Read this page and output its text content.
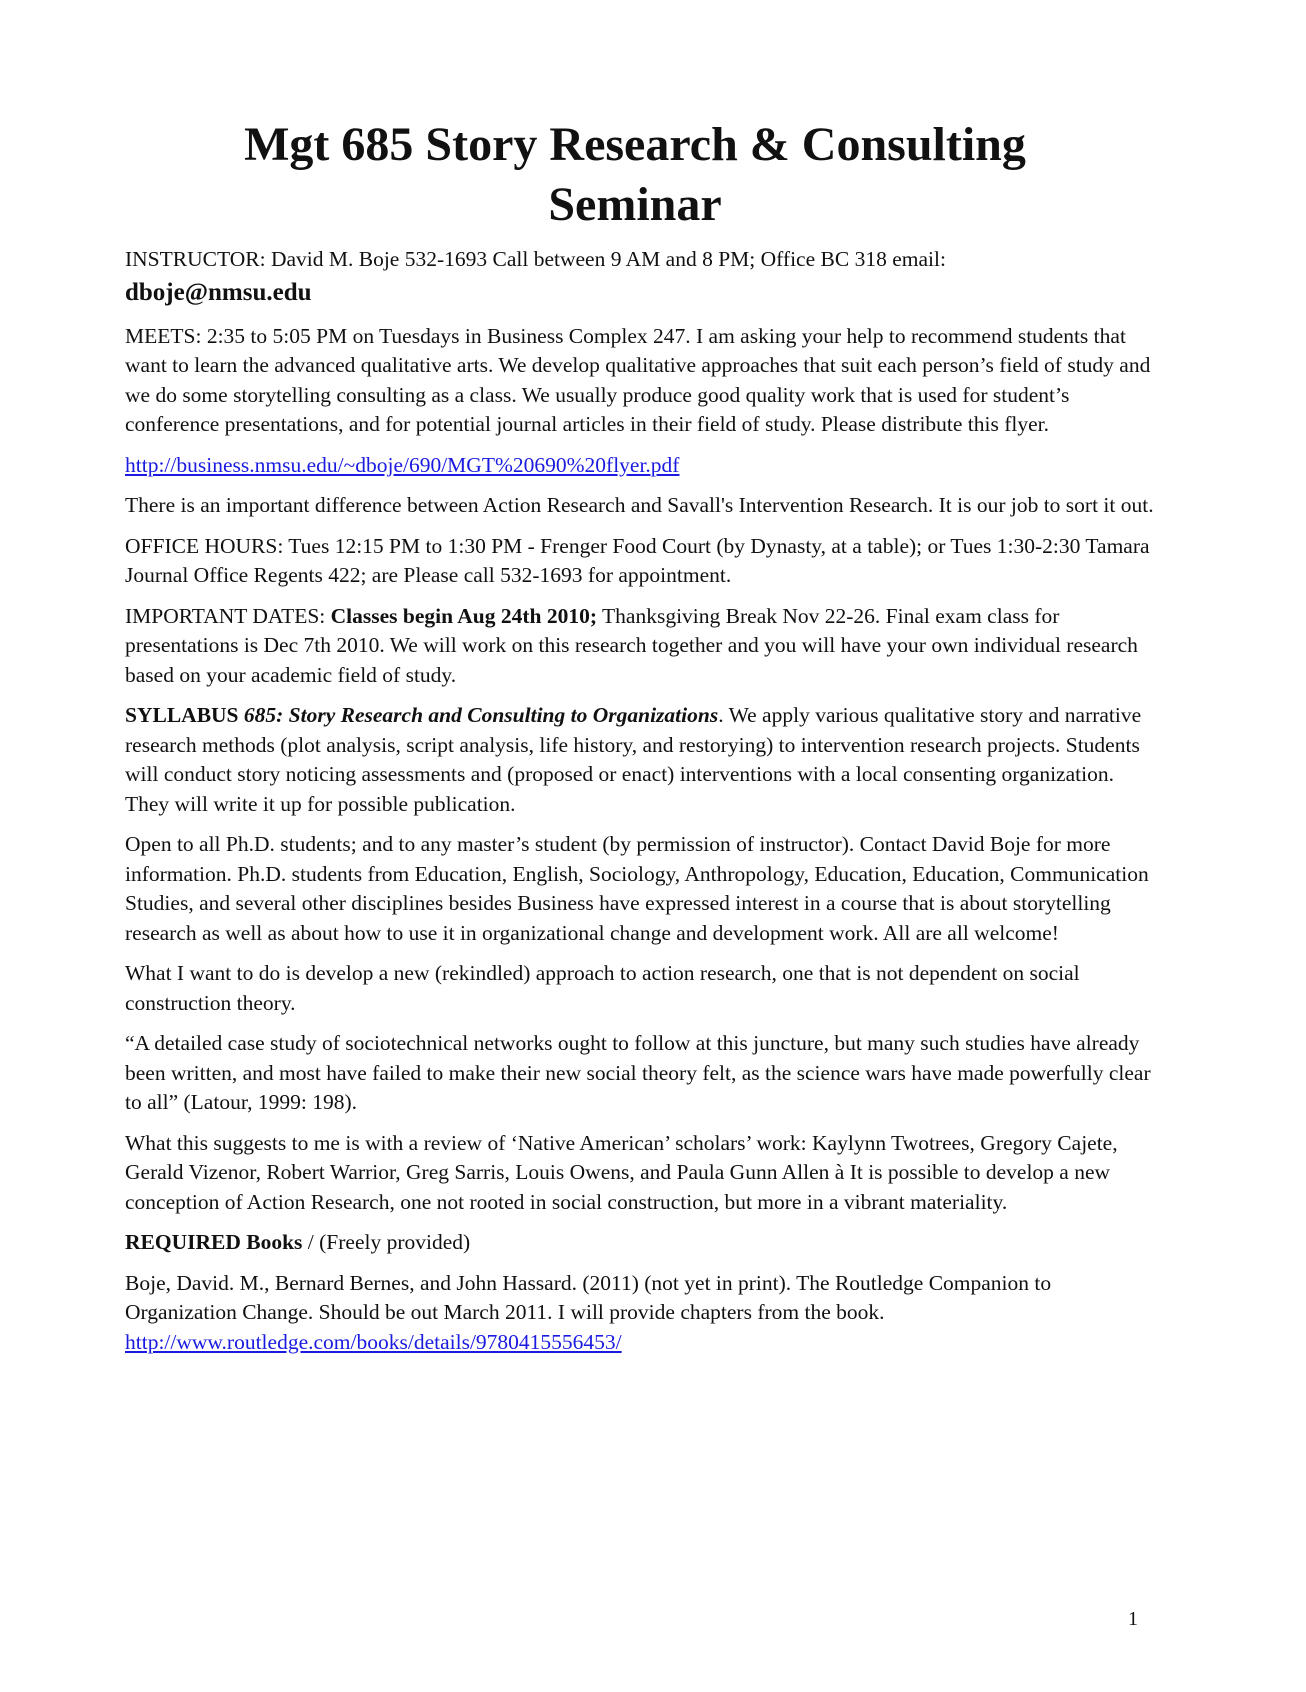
Mgt 685 Story Research & Consulting
Seminar

INSTRUCTOR: David M. Boje 532-1693 Call between 9 AM and 8 PM; Office BC 318 email:
dboje@nmsu.edu

MEETS: 2:35 to 5:05 PM on Tuesdays in Business Complex 247. I am asking your help to recommend students that want to learn the advanced qualitative arts. We develop qualitative approaches that suit each person’s field of study and we do some storytelling consulting as a class. We usually produce good quality work that is used for student’s conference presentations, and for potential journal articles in their field of study. Please distribute this flyer.

http://business.nmsu.edu/~dboje/690/MGT%20690%20flyer.pdf

There is an important difference between Action Research and Savall's Intervention Research. It is our job to sort it out.

OFFICE HOURS: Tues 12:15 PM to 1:30 PM - Frenger Food Court (by Dynasty, at a table); or Tues 1:30-2:30 Tamara Journal Office Regents 422; are Please call 532-1693 for appointment.

IMPORTANT DATES: Classes begin Aug 24th 2010; Thanksgiving Break Nov 22-26. Final exam class for presentations is Dec 7th 2010. We will work on this research together and you will have your own individual research based on your academic field of study.

SYLLABUS 685: Story Research and Consulting to Organizations. We apply various qualitative story and narrative research methods (plot analysis, script analysis, life history, and restorying) to intervention research projects. Students will conduct story noticing assessments and (proposed or enact) interventions with a local consenting organization. They will write it up for possible publication.

Open to all Ph.D. students; and to any master’s student (by permission of instructor). Contact David Boje for more information. Ph.D. students from Education, English, Sociology, Anthropology, Education, Education, Communication Studies, and several other disciplines besides Business have expressed interest in a course that is about storytelling research as well as about how to use it in organizational change and development work. All are all welcome!

What I want to do is develop a new (rekindled) approach to action research, one that is not dependent on social construction theory.

“A detailed case study of sociotechnical networks ought to follow at this juncture, but many such studies have already been written, and most have failed to make their new social theory felt, as the science wars have made powerfully clear to all” (Latour, 1999: 198).

What this suggests to me is with a review of ‘Native American’ scholars’ work: Kaylynn Twotrees, Gregory Cajete, Gerald Vizenor, Robert Warrior, Greg Sarris, Louis Owens, and Paula Gunn Allen à It is possible to develop a new conception of Action Research, one not rooted in social construction, but more in a vibrant materiality.

REQUIRED Books / (Freely provided)

Boje, David. M., Bernard Bernes, and John Hassard. (2011) (not yet in print). The Routledge Companion to Organization Change. Should be out March 2011. I will provide chapters from the book. http://www.routledge.com/books/details/9780415556453/

1
